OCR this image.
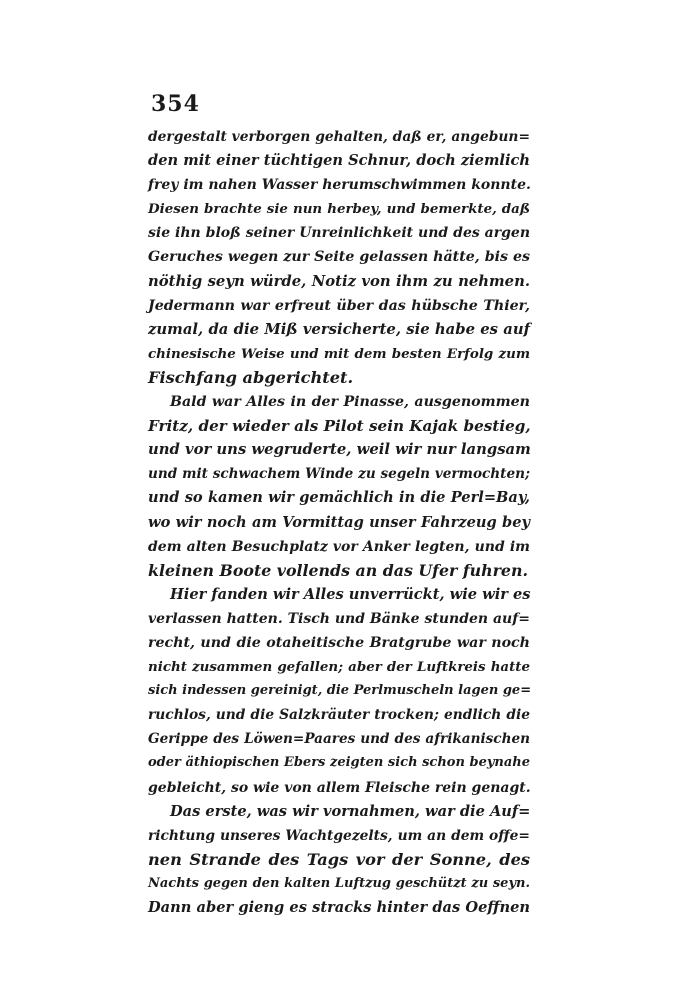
354
dergestalt verborgen gehalten, daß er, angebun=
den mit einer tüchtigen Schnur, doch ziemlich
frey im nahen Wasser herumschwimmen konnte.
Diesen brachte sie nun herbey, und bemerkte, daß
sie ihn bloß seiner Unreinlichkeit und des argen
Geruches wegen zur Seite gelassen hätte, bis es
nöthig seyn würde, Notiz von ihm zu nehmen.
Jedermann war erfreut über das hübsche Thier,
zumal, da die Miß versicherte, sie habe es auf
chinesische Weise und mit dem besten Erfolg zum
Fischfang abgerichtet.
Bald war Alles in der Pinasse, ausgenommen
Fritz, der wieder als Pilot sein Kajak bestieg,
und vor uns wegruderte, weil wir nur langsam
und mit schwachem Winde zu segeln vermochten;
und so kamen wir gemächlich in die Perl=Bay,
wo wir noch am Vormittag unser Fahrzeug bey
dem alten Besuchplatz vor Anker legten, und im
kleinen Boote vollends an das Ufer fuhren.
Hier fanden wir Alles unverrückt, wie wir es
verlassen hatten. Tisch und Bänke stunden auf=
recht, und die otaheitische Bratgrube war noch
nicht zusammen gefallen; aber der Luftkreis hatte
sich indessen gereinigt, die Perlmuscheln lagen ge=
ruchlos, und die Salzkräuter trocken; endlich die
Gerippe des Löwen=Paares und des afrikanischen
oder äthiopischen Ebers zeigten sich schon beynahe
gebleicht, so wie von allem Fleische rein genagt.
Das erste, was wir vornahmen, war die Auf=
richtung unseres Wachtgezelts, um an dem offe=
nen Strande des Tags vor der Sonne, des
Nachts gegen den kalten Luftzug geschützt zu seyn.
Dann aber gieng es stracks hinter das Oeffnen
